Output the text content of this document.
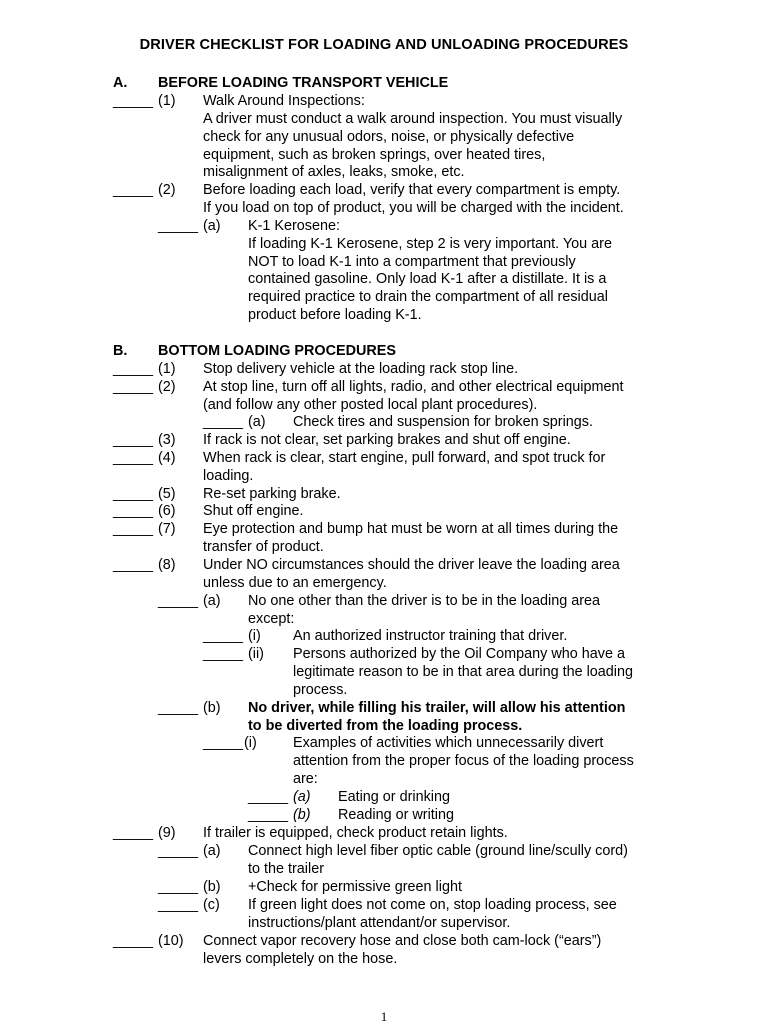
DRIVER CHECKLIST FOR LOADING AND UNLOADING PROCEDURES
A. BEFORE LOADING TRANSPORT VEHICLE
_____ (1) Walk Around Inspections:
A driver must conduct a walk around inspection. You must visually
check for any unusual odors, noise, or physically defective
equipment, such as broken springs, over heated tires,
misalignment of axles, leaks, smoke, etc.
_____ (2) Before loading each load, verify that every compartment is empty.
If you load on top of product, you will be charged with the incident.
_____ (a) K-1 Kerosene:
If loading K-1 Kerosene, step 2 is very important. You are
NOT to load K-1 into a compartment that previously
contained gasoline. Only load K-1 after a distillate. It is a
required practice to drain the compartment of all residual
product before loading K-1.
B. BOTTOM LOADING PROCEDURES
_____ (1) Stop delivery vehicle at the loading rack stop line.
_____ (2) At stop line, turn off all lights, radio, and other electrical equipment
(and follow any other posted local plant procedures).
_____ (a) Check tires and suspension for broken springs.
_____ (3) If rack is not clear, set parking brakes and shut off engine.
_____ (4) When rack is clear, start engine, pull forward, and spot truck for
loading.
_____ (5) Re-set parking brake.
_____ (6) Shut off engine.
_____ (7) Eye protection and bump hat must be worn at all times during the
transfer of product.
_____ (8) Under NO circumstances should the driver leave the loading area
unless due to an emergency.
_____ (a) No one other than the driver is to be in the loading area
except:
_____ (i) An authorized instructor training that driver.
_____ (ii) Persons authorized by the Oil Company who have a
legitimate reason to be in that area during the loading
process.
_____ (b) No driver, while filling his trailer, will allow his attention
to be diverted from the loading process.
_____ (i)	Examples of activities which unnecessarily divert
attention from the proper focus of the loading process
are:
_____ (a) Eating or drinking
_____ (b) Reading or writing
_____ (9) If trailer is equipped, check product retain lights.
_____ (a) Connect high level fiber optic cable (ground line/scully cord)
to the trailer
_____ (b) +Check for permissive green light
_____ (c) If green light does not come on, stop loading process, see
instructions/plant attendant/or supervisor.
_____ (10) Connect vapor recovery hose and close both cam-lock (“ears”)
levers completely on the hose.
1
